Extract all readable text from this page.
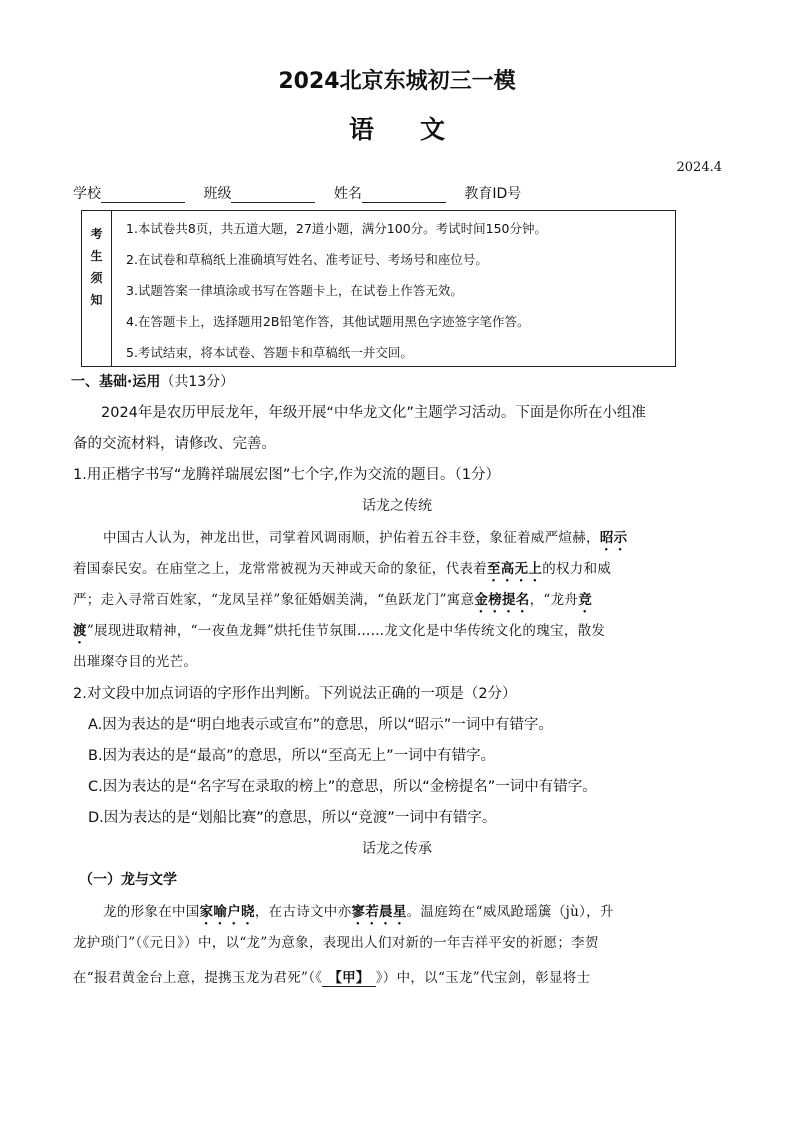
2024北京东城初三一模
语文
2024.4
学校	班级	姓名	教育ID号
考
生
须
知
1.本试卷共8页，共五道大题，27道小题，满分100分。考试时间150分钟。
2.在试卷和草稿纸上准确填写姓名、准考证号、考场号和座位号。
3.试题答案一律填涂或书写在答题卡上，在试卷上作答无效。
4.在答题卡上，选择题用2B铅笔作答，其他试题用黑色字迹签字笔作答。
5.考试结束，将本试卷、答题卡和草稿纸一并交回。
一、基础·运用（共13分）
2024年是农历甲辰龙年，年级开展“中华龙文化”主题学习活动。下面是你所在小组准
备的交流材料，请修改、完善。
1.用正楷字书写“龙腾祥瑞展宏图”七个字,作为交流的题目。（1分）
话龙之传统
中国古人认为，神龙出世，司掌着风调雨顺，护佑着五谷丰登，象征着威严煊赫，昭示
着国泰民安。在庙堂之上，龙常常被视为天神或天命的象征，代表着至高无上的权力和威
严；走入寻常百姓家，“龙凤呈祥”象征婚姻美满，“鱼跃龙门”寓意金榜提名，“龙舟竞
渡”展现进取精神，“一夜鱼龙舞”烘托佳节氛围……龙文化是中华传统文化的瑰宝，散发
出璀璨夺目的光芒。
2.对文段中加点词语的字形作出判断。下列说法正确的一项是（2分）
A.因为表达的是“明白地表示或宣布”的意思，所以“昭示”一词中有错字。
B.因为表达的是“最高”的意思，所以“至高无上”一词中有错字。
C.因为表达的是“名字写在录取的榜上”的意思，所以“金榜提名”一词中有错字。
D.因为表达的是“划船比赛”的意思，所以“竞渡”一词中有错字。
话龙之传承
（一）龙与文学
龙的形象在中国家喻户晓，在古诗文中亦寥若晨星。温庭筠在“威凤跄瑶簴（jù），升
龙护琐门”（《元日》）中，以“龙”为意象，表现出人们对新的一年吉祥平安的祈愿；李贺
在“报君黄金台上意，提携玉龙为君死”（《 【甲】 》）中，以“玉龙”代宝剑，彰显将士
